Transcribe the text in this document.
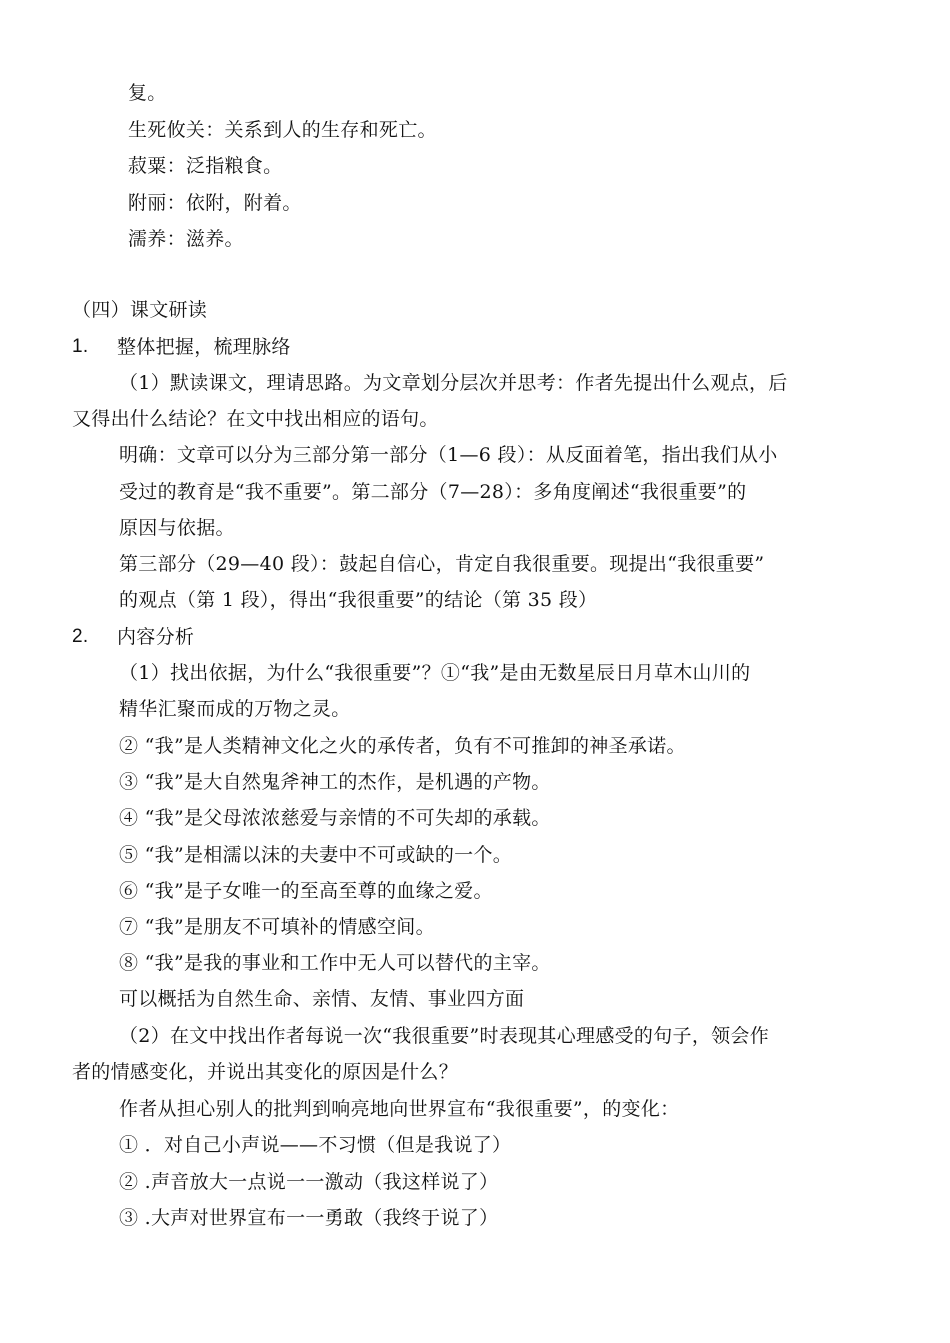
复。
生死攸关：关系到人的生存和死亡。
菽粟：泛指粮食。
附丽：依附，附着。
濡养：滋养。
（四）课文研读
1. 整体把握，梳理脉络
（1）默读课文，理请思路。为文章划分层次并思考：作者先提出什么观点，后
又得出什么结论？在文中找出相应的语句。
明确：文章可以分为三部分第一部分（1—6 段）：从反面着笔，指出我们从小
受过的教育是“我不重要”。第二部分（7—28）：多角度阐述“我很重要”的
原因与依据。
第三部分（29—40 段）：鼓起自信心，肯定自我很重要。现提出“我很重要”
的观点（第 1 段），得出“我很重要”的结论（第 35 段）
2. 内容分析
（1）找出依据，为什么“我很重要”？①“我”是由无数星辰日月草木山川的
精华汇聚而成的万物之灵。
② “我”是人类精神文化之火的承传者，负有不可推卸的神圣承诺。
③ “我”是大自然鬼斧神工的杰作，是机遇的产物。
④ “我”是父母浓浓慈爱与亲情的不可失却的承载。
⑤ “我”是相濡以沫的夫妻中不可或缺的一个。
⑥ “我”是子女唯一的至高至尊的血缘之爱。
⑦ “我”是朋友不可填补的情感空间。
⑧ “我”是我的事业和工作中无人可以替代的主宰。
可以概括为自然生命、亲情、友情、事业四方面
（2）在文中找出作者每说一次“我很重要”时表现其心理感受的句子，领会作
者的情感变化，并说出其变化的原因是什么？
作者从担心别人的批判到响亮地向世界宣布“我很重要”，的变化：
① ．对自己小声说——不习惯（但是我说了）
② .声音放大一点说一一激动（我这样说了）
③ .大声对世界宣布一一勇敢（我终于说了）
